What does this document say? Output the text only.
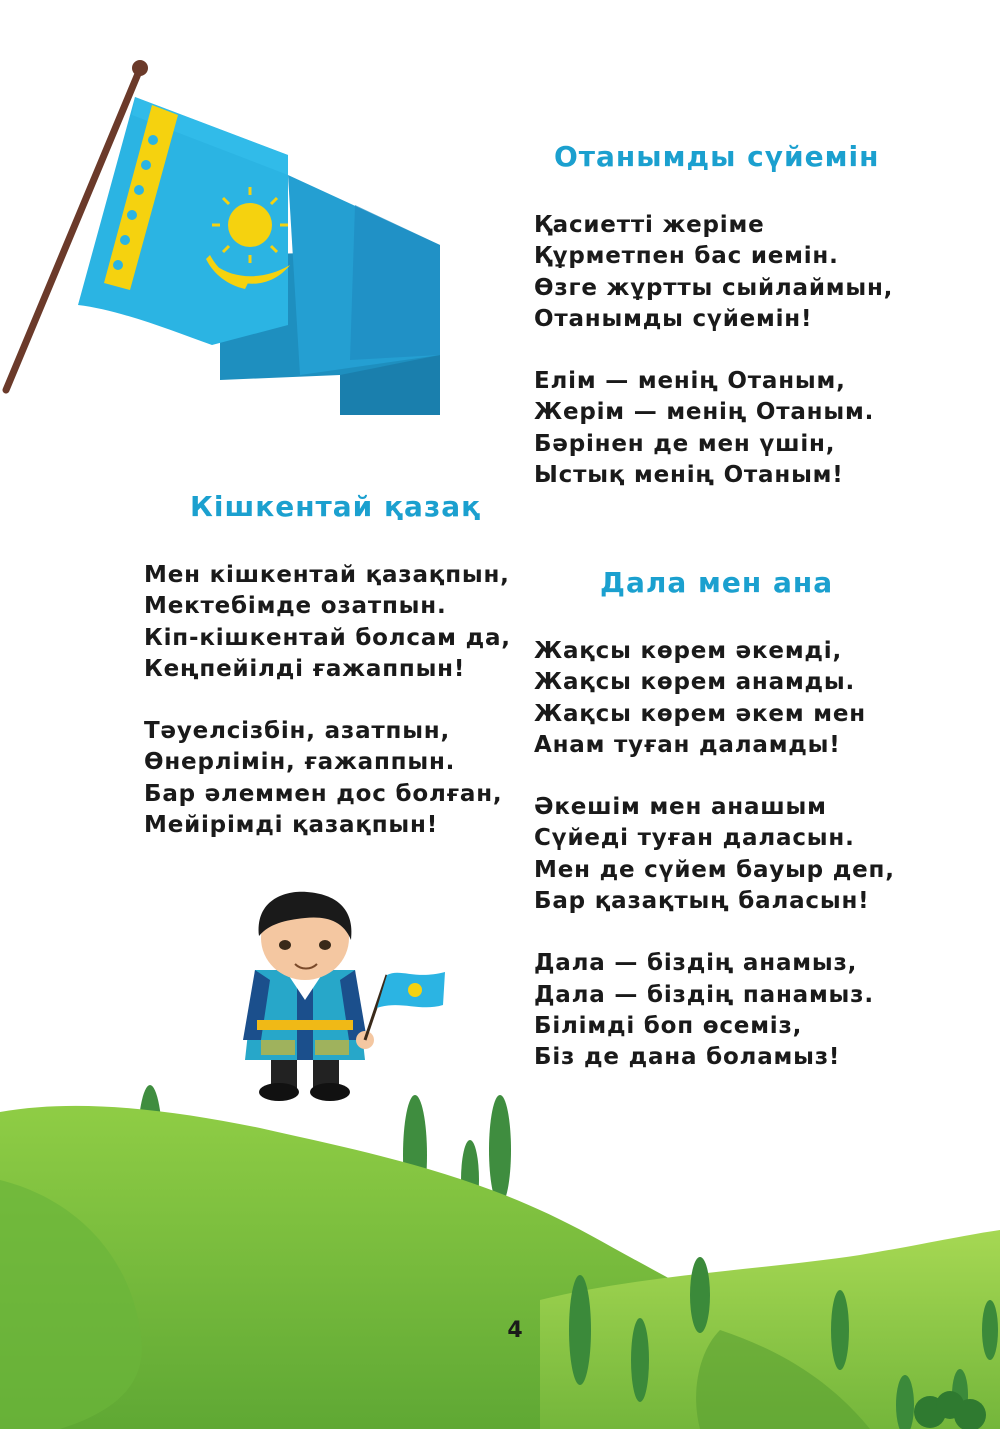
Отанымды сүйемін
Қасиетті жеріме
Құрметпен бас иемін.
Өзге жұртты сыйлаймын,
Отанымды сүйемін!
Елім — менің Отаным,
Жерім — менің Отаным.
Бәрінен де мен үшін,
Ыстық менің Отаным!
Кішкентай қазақ
Мен кішкентай қазақпын,
Мектебімде озатпын.
Кіп-кішкентай болсам да,
Кеңпейілді ғажаппын!
Тәуелсізбін, азатпын,
Өнерлімін, ғажаппын.
Бар әлеммен дос болған,
Мейірімді қазақпын!
Дала мен ана
Жақсы көрем әкемді,
Жақсы көрем анамды.
Жақсы көрем әкем мен
Анам туған даламды!
Әкешім мен анашым
Сүйеді туған даласын.
Мен де сүйем бауыр деп,
Бар қазақтың баласын!
Дала — біздің анамыз,
Дала — біздің панамыз.
Білімді боп өсеміз,
Біз де дана боламыз!
4
